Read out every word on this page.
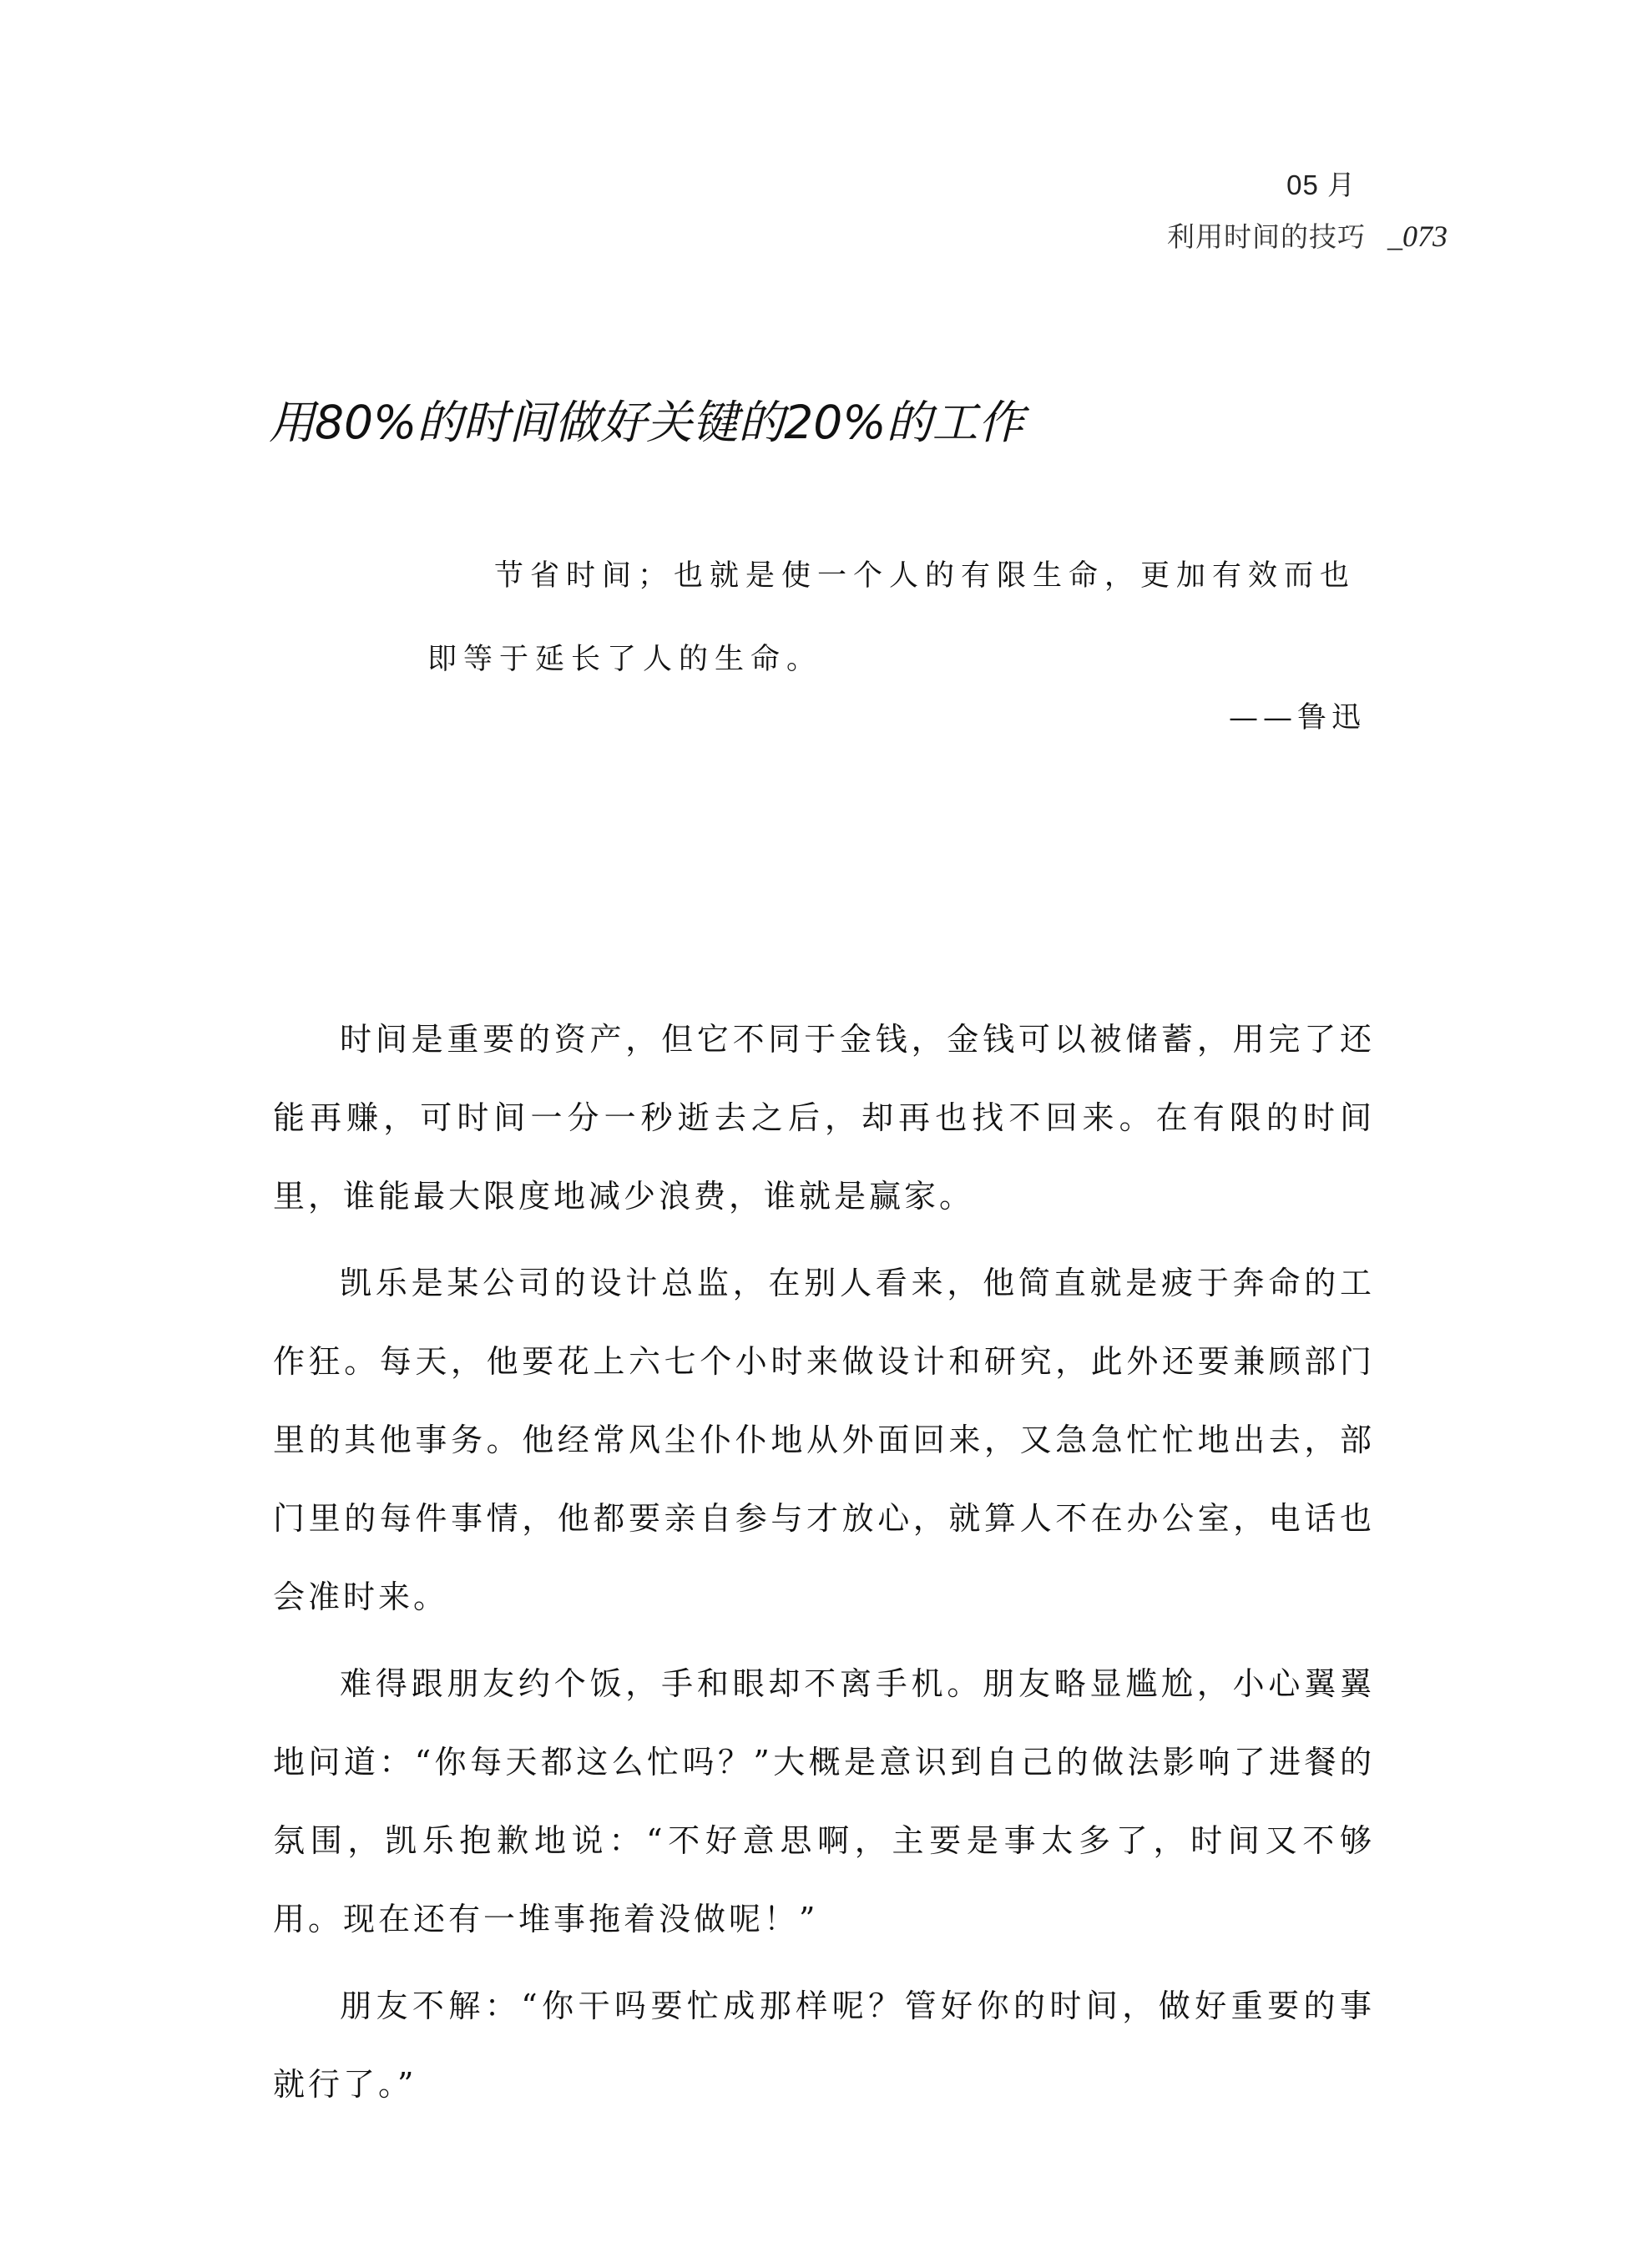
05 月
利用时间的技巧 _073
用80%的时间做好关键的20%的工作

节省时间；也就是使一个人的有限生命，更加有效而也即等于延长了人的生命。

——鲁迅

时间是重要的资产，但它不同于金钱，金钱可以被储蓄，用完了还能再赚，可时间一分一秒逝去之后，却再也找不回来。在有限的时间里，谁能最大限度地减少浪费，谁就是赢家。

凯乐是某公司的设计总监，在别人看来，他简直就是疲于奔命的工作狂。每天，他要花上六七个小时来做设计和研究，此外还要兼顾部门里的其他事务。他经常风尘仆仆地从外面回来，又急急忙忙地出去，部门里的每件事情，他都要亲自参与才放心，就算人不在办公室，电话也会准时来。

难得跟朋友约个饭，手和眼却不离手机。朋友略显尴尬，小心翼翼地问道：“你每天都这么忙吗？”大概是意识到自己的做法影响了进餐的氛围，凯乐抱歉地说：“不好意思啊，主要是事太多了，时间又不够用。现在还有一堆事拖着没做呢！”

朋友不解：“你干吗要忙成那样呢？管好你的时间，做好重要的事就行了。”
